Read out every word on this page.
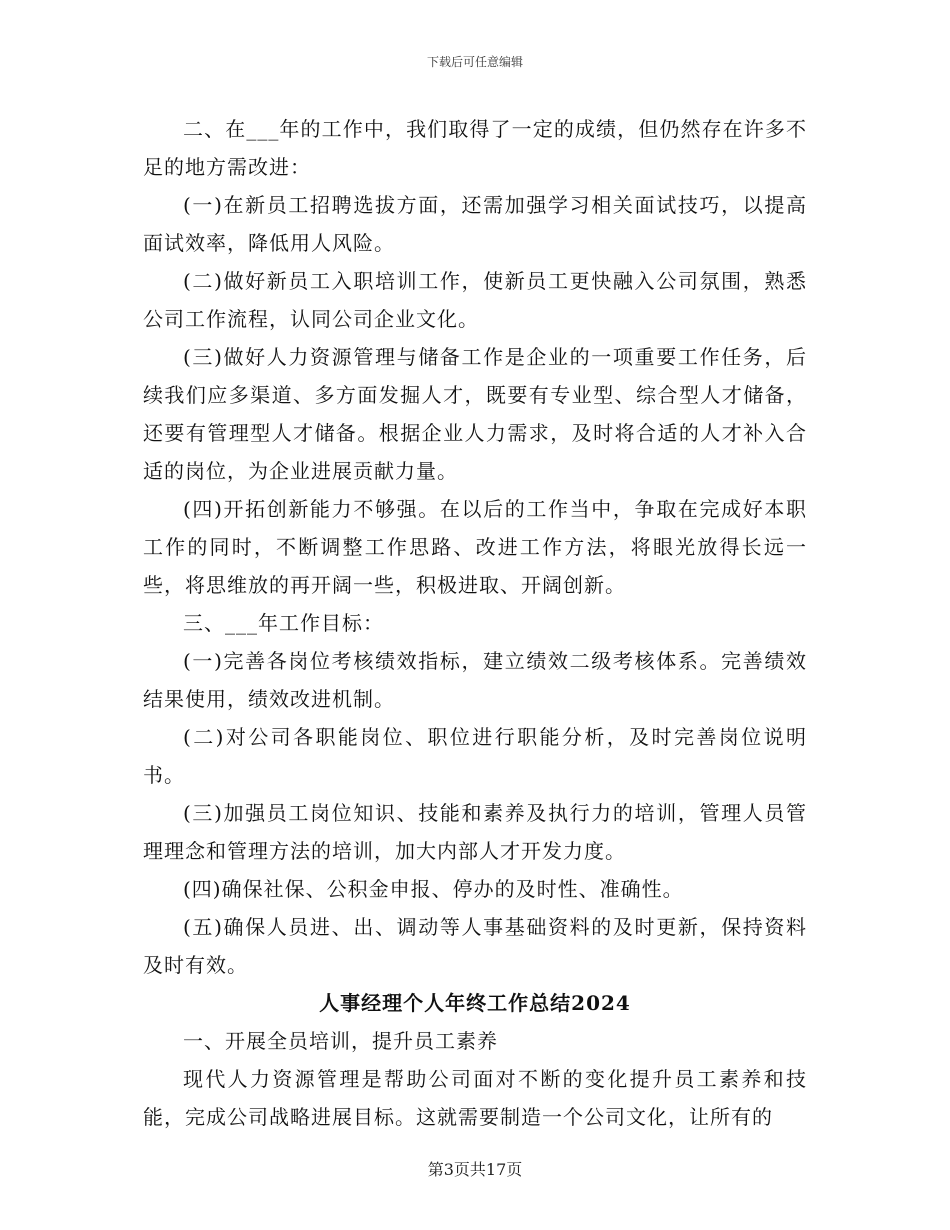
下载后可任意编辑

二、在___年的工作中，我们取得了一定的成绩，但仍然存在许多不足的地方需改进：

(一)在新员工招聘选拔方面，还需加强学习相关面试技巧，以提高面试效率，降低用人风险。

(二)做好新员工入职培训工作，使新员工更快融入公司氛围，熟悉公司工作流程，认同公司企业文化。

(三)做好人力资源管理与储备工作是企业的一项重要工作任务，后续我们应多渠道、多方面发掘人才，既要有专业型、综合型人才储备，还要有管理型人才储备。根据企业人力需求，及时将合适的人才补入合适的岗位，为企业进展贡献力量。

(四)开拓创新能力不够强。在以后的工作当中，争取在完成好本职工作的同时，不断调整工作思路、改进工作方法，将眼光放得长远一些，将思维放的再开阔一些，积极进取、开阔创新。

三、___年工作目标：

(一)完善各岗位考核绩效指标，建立绩效二级考核体系。完善绩效结果使用，绩效改进机制。

(二)对公司各职能岗位、职位进行职能分析，及时完善岗位说明书。

(三)加强员工岗位知识、技能和素养及执行力的培训，管理人员管理理念和管理方法的培训，加大内部人才开发力度。

(四)确保社保、公积金申报、停办的及时性、准确性。

(五)确保人员进、出、调动等人事基础资料的及时更新，保持资料及时有效。

人事经理个人年终工作总结2024

一、开展全员培训，提升员工素养

现代人力资源管理是帮助公司面对不断的变化提升员工素养和技能，完成公司战略进展目标。这就需要制造一个公司文化，让所有的

第3页共17页
